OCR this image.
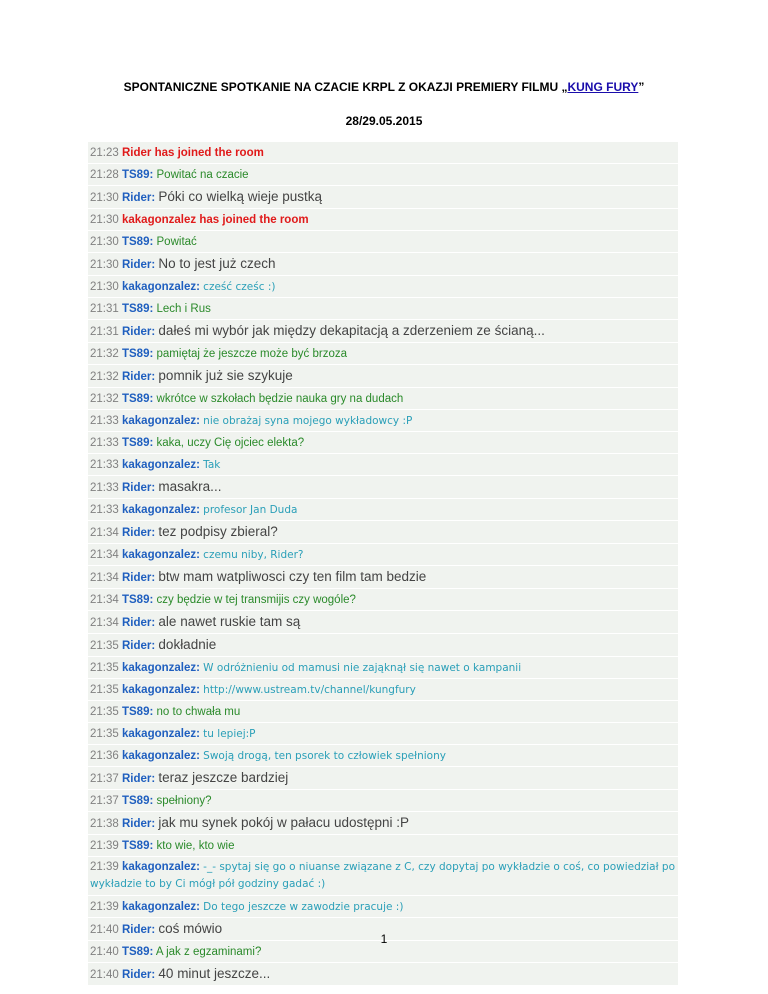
SPONTANICZNE SPOTKANIE NA CZACIE KRPL Z OKAZJI PREMIERY FILMU „KUNG FURY”
28/29.05.2015
21:23 Rider has joined the room
21:28 TS89: Powitać na czacie
21:30 Rider: Póki co wielką wieje pustką
21:30 kakagonzalez has joined the room
21:30 TS89: Powitać
21:30 Rider: No to jest już czech
21:30 kakagonzalez: cześć cześc :)
21:31 TS89: Lech i Rus
21:31 Rider: dałeś mi wybór jak między dekapitacją a zderzeniem ze ścianą...
21:32 TS89: pamiętaj że jeszcze może być brzoza
21:32 Rider: pomnik już sie szykuje
21:32 TS89: wkrótce w szkołach będzie nauka gry na dudach
21:33 kakagonzalez: nie obrażaj syna mojego wykładowcy :P
21:33 TS89: kaka, uczy Cię ojciec elekta?
21:33 kakagonzalez: Tak
21:33 Rider: masakra...
21:33 kakagonzalez: profesor Jan Duda
21:34 Rider: tez podpisy zbieral?
21:34 kakagonzalez: czemu niby, Rider?
21:34 Rider: btw mam watpliwosci czy ten film tam bedzie
21:34 TS89: czy będzie w tej transmijis czy wogóle?
21:34 Rider: ale nawet ruskie tam są
21:35 Rider: dokładnie
21:35 kakagonzalez: W odróżnieniu od mamusi nie zająknął się nawet o kampanii
21:35 kakagonzalez: http://www.ustream.tv/channel/kungfury
21:35 TS89: no to chwała mu
21:35 kakagonzalez: tu lepiej:P
21:36 kakagonzalez: Swoją drogą, ten psorek to człowiek spełniony
21:37 Rider: teraz jeszcze bardziej
21:37 TS89: spełniony?
21:38 Rider: jak mu synek pokój w pałacu udostępni :P
21:39 TS89: kto wie, kto wie
21:39 kakagonzalez: -_- spytaj się go o niuanse związane z C, czy dopytaj po wykładzie o coś, co powiedział po wykładzie to by Ci mógł pół godziny gadać :)
21:39 kakagonzalez: Do tego jeszcze w zawodzie pracuje :)
21:40 Rider: coś mówio
21:40 TS89: A jak z egzaminami?
21:40 Rider: 40 minut jeszcze...
1
